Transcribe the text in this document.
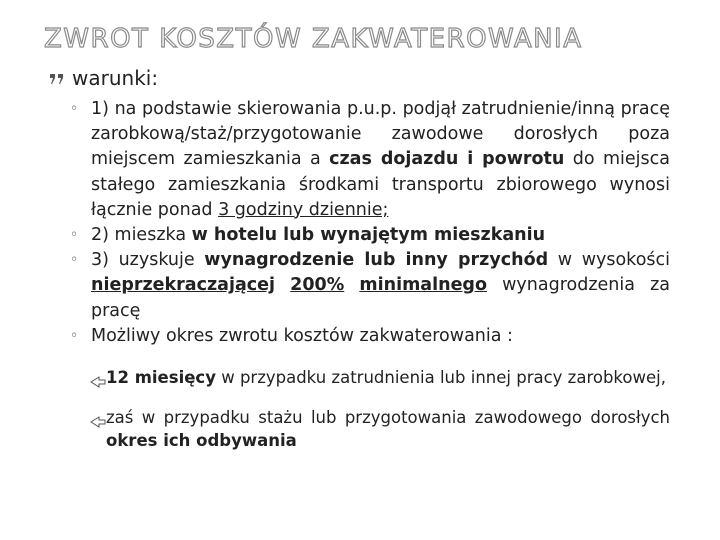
ZWROT KOSZTÓW ZAKWATEROWANIA
warunki:

◦ 1) na podstawie skierowania p.u.p. podjął zatrudnienie/inną pracę zarobkową/staż/przygotowanie zawodowe dorosłych poza miejscem zamieszkania a czas dojazdu i powrotu do miejsca stałego zamieszkania środkami transportu zbiorowego wynosi łącznie ponad 3 godziny dziennie;

◦ 2) mieszka w hotelu lub wynajętym mieszkaniu

◦ 3) uzyskuje wynagrodzenie lub inny przychód w wysokości nieprzekraczającej 200% minimalnego wynagrodzenia za pracę

◦ Możliwy okres zwrotu kosztów zakwaterowania :

12 miesięcy w przypadku zatrudnienia lub innej pracy zarobkowej,

zaś w przypadku stażu lub przygotowania zawodowego dorosłych okres ich odbywania
